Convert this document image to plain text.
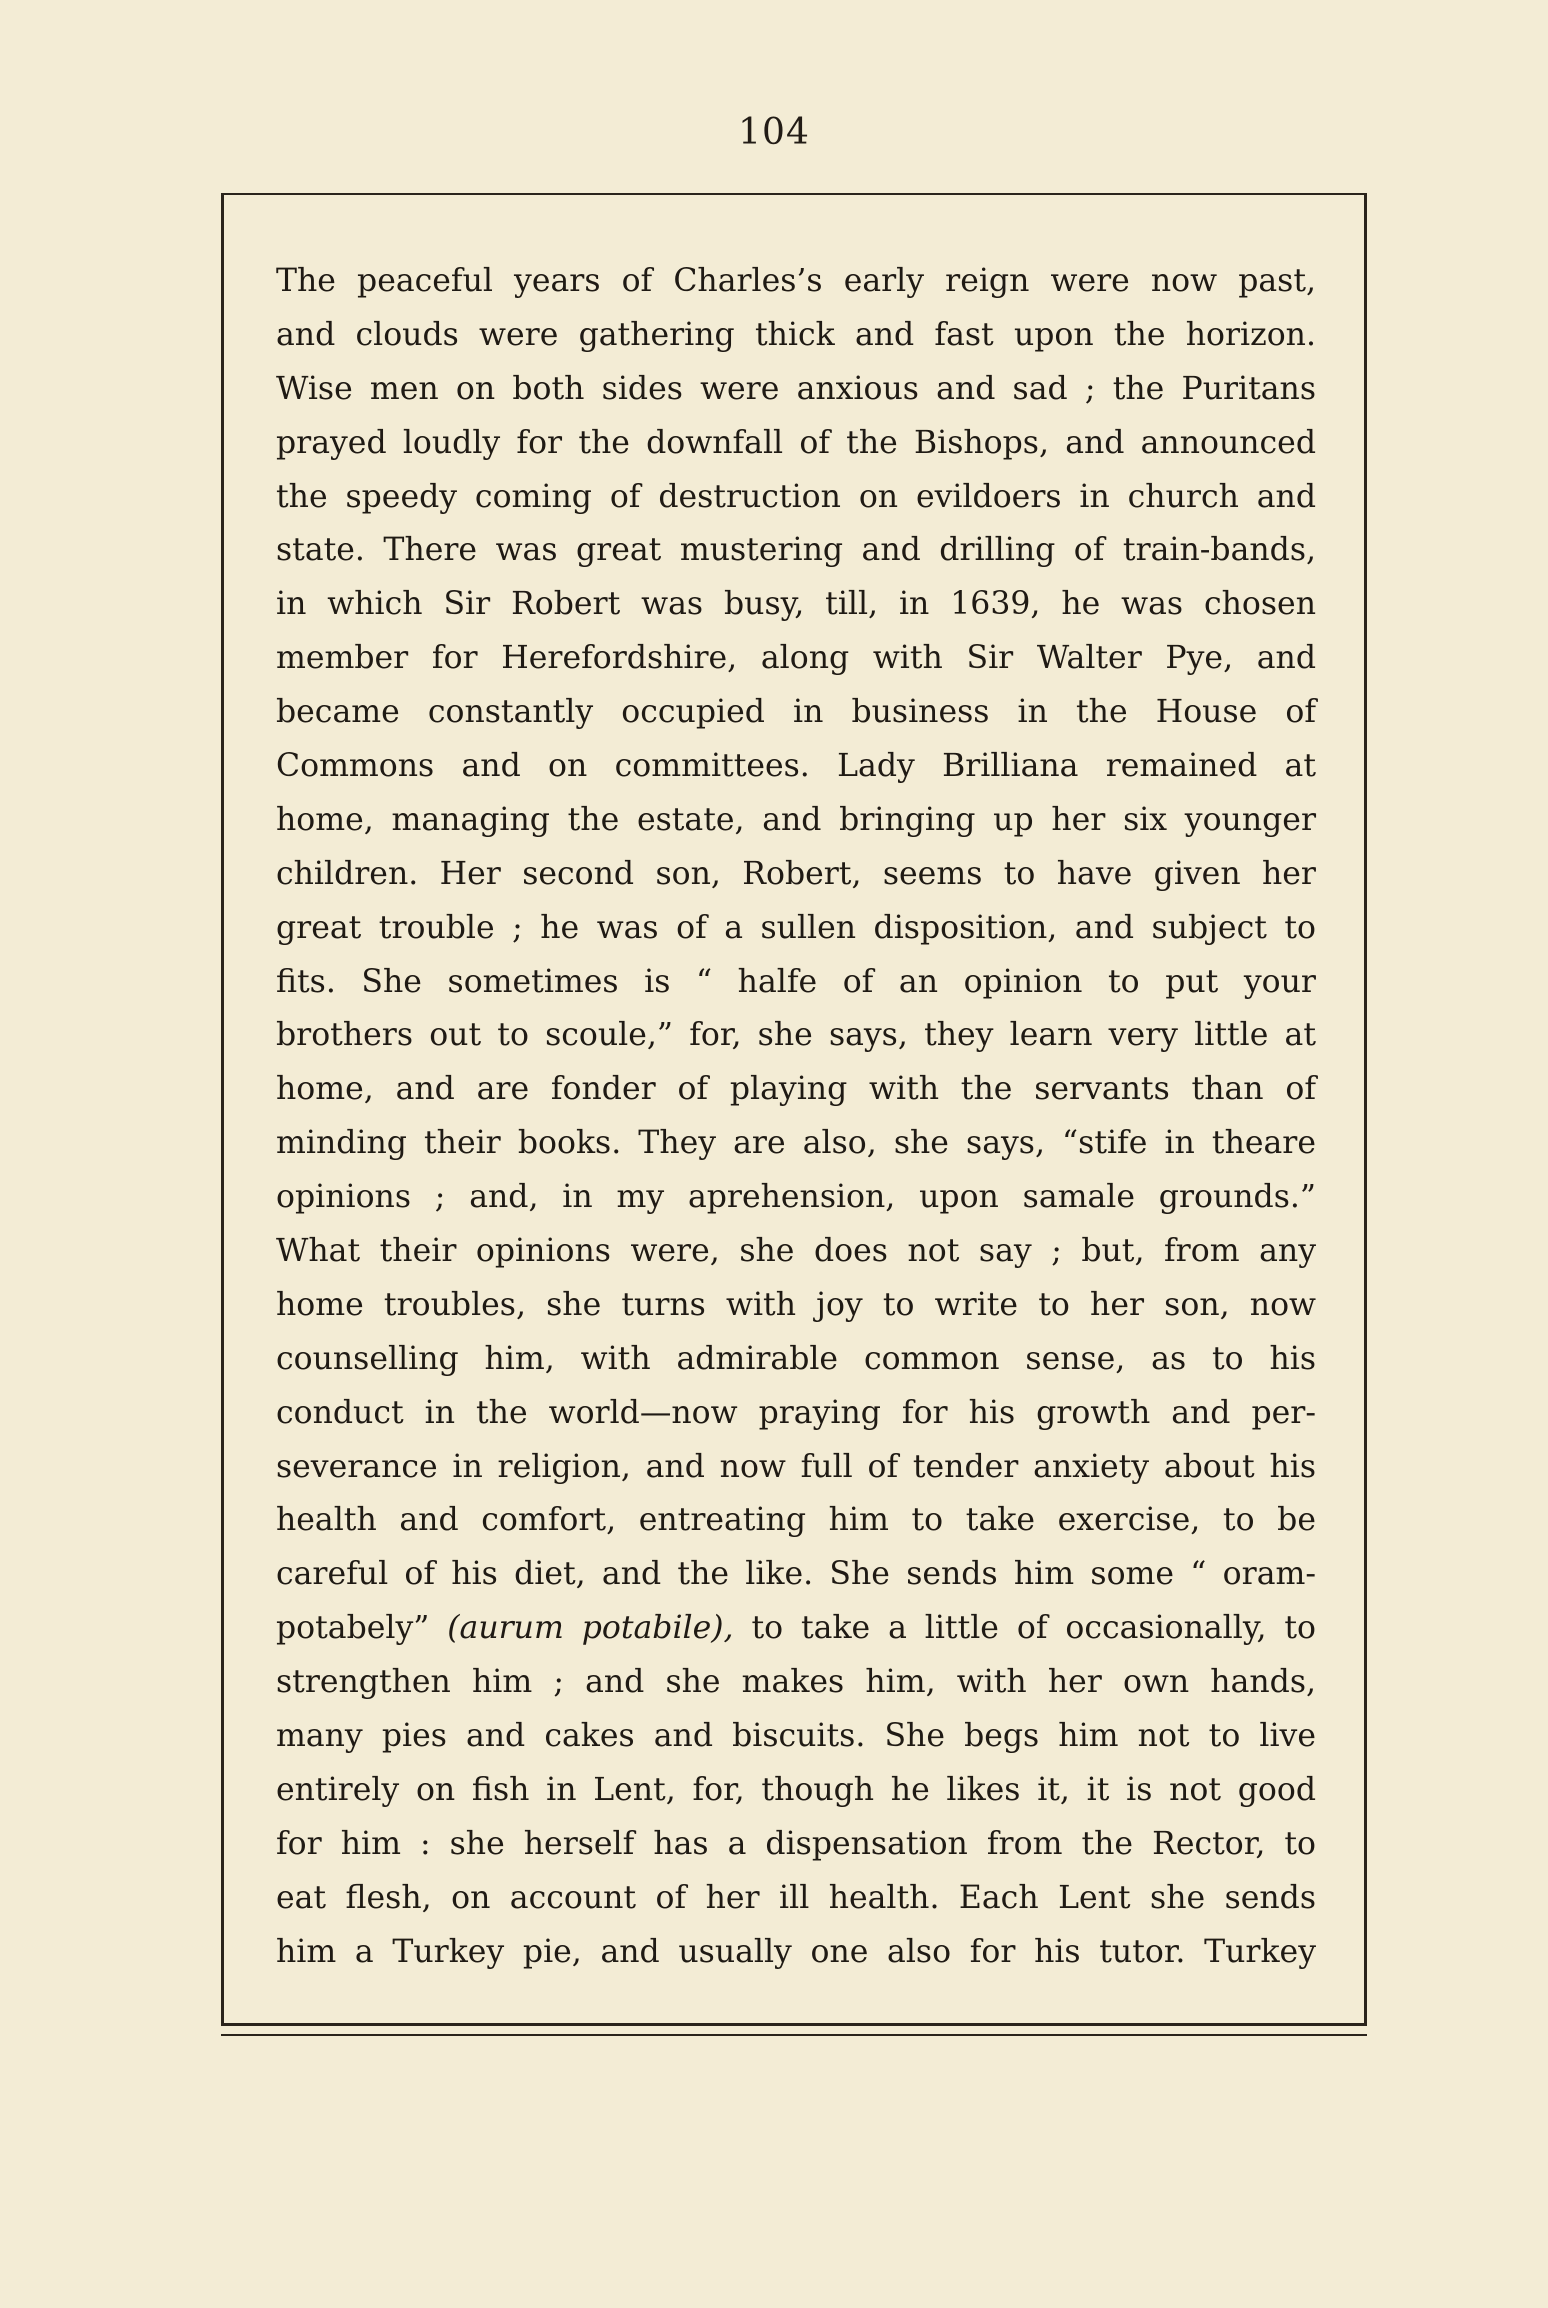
104
The peaceful years of Charles’s early reign were now past,
and clouds were gathering thick and fast upon the horizon.
Wise men on both sides were anxious and sad ; the Puritans
prayed loudly for the downfall of the Bishops, and announced
the speedy coming of destruction on evildoers in church and
state. There was great mustering and drilling of train-bands,
in which Sir Robert was busy, till, in 1639, he was chosen
member for Herefordshire, along with Sir Walter Pye, and
became constantly occupied in business in the House of
Commons and on committees. Lady Brilliana remained at
home, managing the estate, and bringing up her six younger
children. Her second son, Robert, seems to have given her
great trouble ; he was of a sullen disposition, and subject to
fits. She sometimes is “ halfe of an opinion to put your
brothers out to scoule,” for, she says, they learn very little at
home, and are fonder of playing with the servants than of
minding their books. They are also, she says, “stife in theare
opinions ; and, in my aprehension, upon samale grounds.”
What their opinions were, she does not say ; but, from any
home troubles, she turns with joy to write to her son, now
counselling him, with admirable common sense, as to his
conduct in the world—now praying for his growth and per-
severance in religion, and now full of tender anxiety about his
health and comfort, entreating him to take exercise, to be
careful of his diet, and the like. She sends him some “ oram-
potabely” (aurum potabile), to take a little of occasionally, to
strengthen him ; and she makes him, with her own hands,
many pies and cakes and biscuits. She begs him not to live
entirely on fish in Lent, for, though he likes it, it is not good
for him : she herself has a dispensation from the Rector, to
eat flesh, on account of her ill health. Each Lent she sends
him a Turkey pie, and usually one also for his tutor. Turkey
